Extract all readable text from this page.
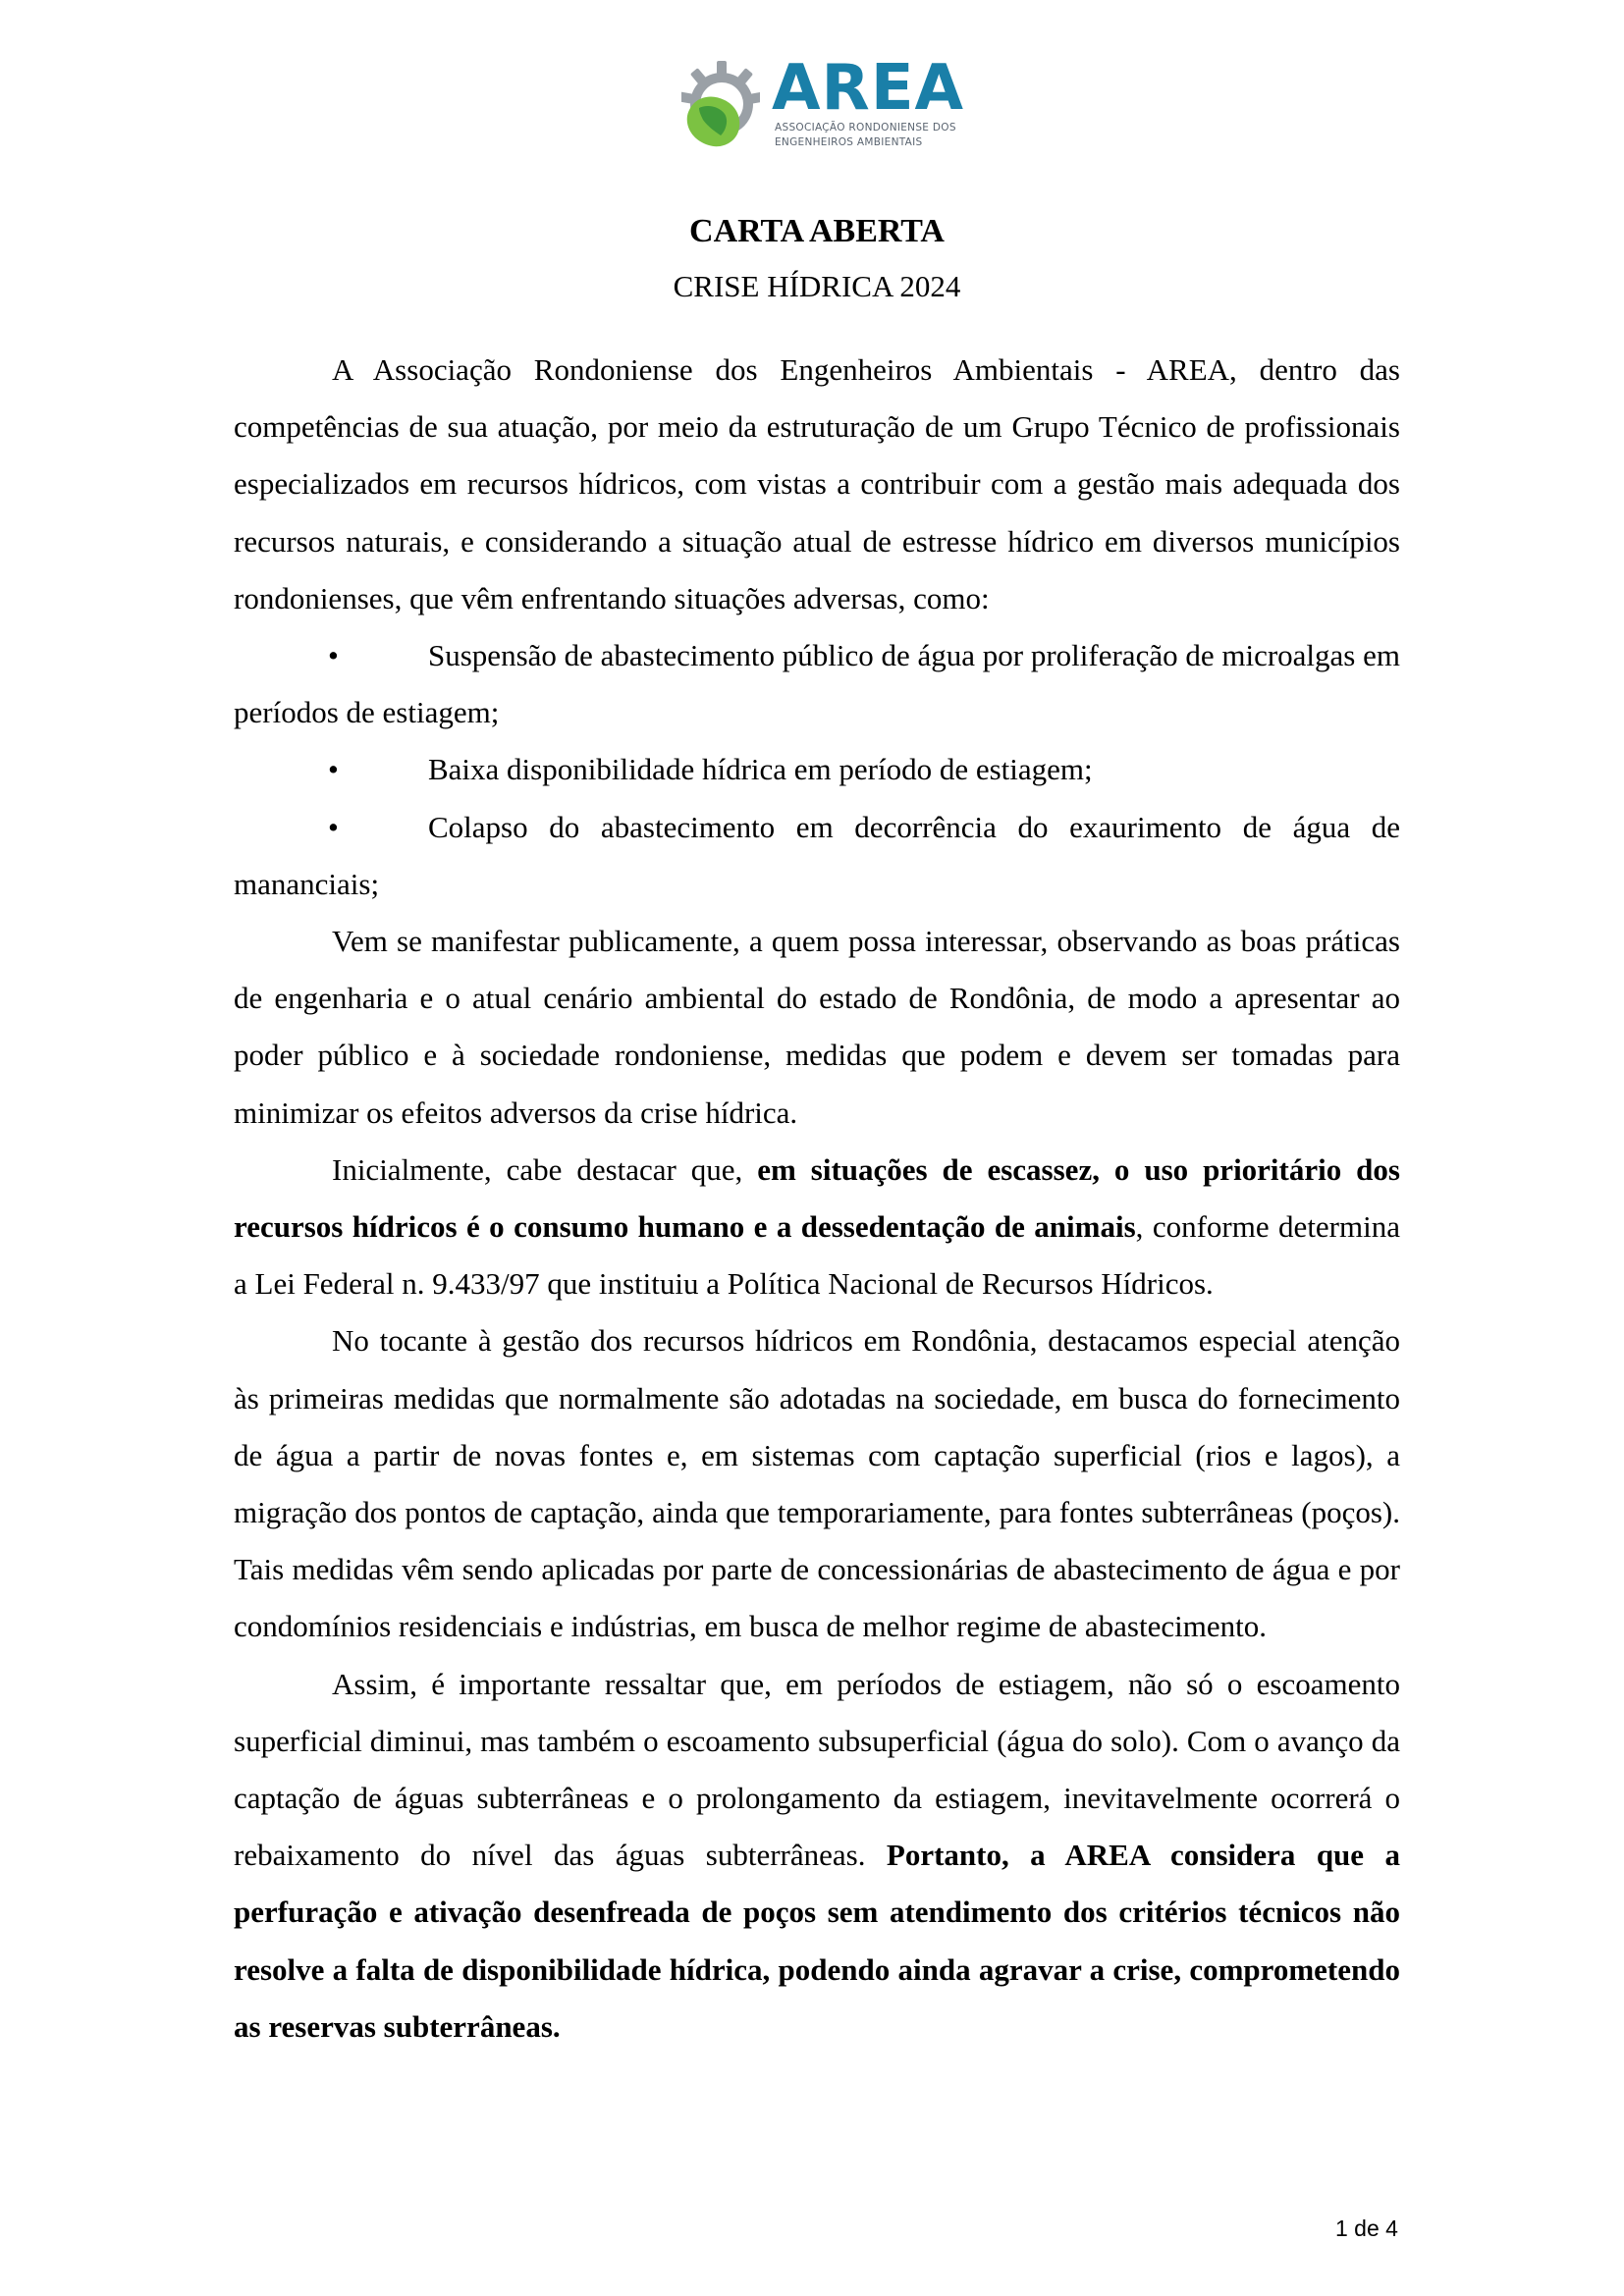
AREA
ASSOCIAÇÃO RONDONIENSE DOS
ENGENHEIROS AMBIENTAIS
CARTA ABERTA

CRISE HÍDRICA 2024

A Associação Rondoniense dos Engenheiros Ambientais - AREA, dentro das competências de sua atuação, por meio da estruturação de um Grupo Técnico de profissionais especializados em recursos hídricos, com vistas a contribuir com a gestão mais adequada dos recursos naturais, e considerando a situação atual de estresse hídrico em diversos municípios rondonienses, que vêm enfrentando situações adversas, como:

•	Suspensão de abastecimento público de água por proliferação de microalgas em períodos de estiagem;

•	Baixa disponibilidade hídrica em período de estiagem;

•	Colapso do abastecimento em decorrência do exaurimento de água de mananciais;

Vem se manifestar publicamente, a quem possa interessar, observando as boas práticas de engenharia e o atual cenário ambiental do estado de Rondônia, de modo a apresentar ao poder público e à sociedade rondoniense, medidas que podem e devem ser tomadas para minimizar os efeitos adversos da crise hídrica.

Inicialmente, cabe destacar que, em situações de escassez, o uso prioritário dos recursos hídricos é o consumo humano e a dessedentação de animais, conforme determina a Lei Federal n. 9.433/97 que instituiu a Política Nacional de Recursos Hídricos.

No tocante à gestão dos recursos hídricos em Rondônia, destacamos especial atenção às primeiras medidas que normalmente são adotadas na sociedade, em busca do fornecimento de água a partir de novas fontes e, em sistemas com captação superficial (rios e lagos), a migração dos pontos de captação, ainda que temporariamente, para fontes subterrâneas (poços). Tais medidas vêm sendo aplicadas por parte de concessionárias de abastecimento de água e por condomínios residenciais e indústrias, em busca de melhor regime de abastecimento.

Assim, é importante ressaltar que, em períodos de estiagem, não só o escoamento superficial diminui, mas também o escoamento subsuperficial (água do solo). Com o avanço da captação de águas subterrâneas e o prolongamento da estiagem, inevitavelmente ocorrerá o rebaixamento do nível das águas subterrâneas. Portanto, a AREA considera que a perfuração e ativação desenfreada de poços sem atendimento dos critérios técnicos não resolve a falta de disponibilidade hídrica, podendo ainda agravar a crise, comprometendo as reservas subterrâneas.

1 de 4
